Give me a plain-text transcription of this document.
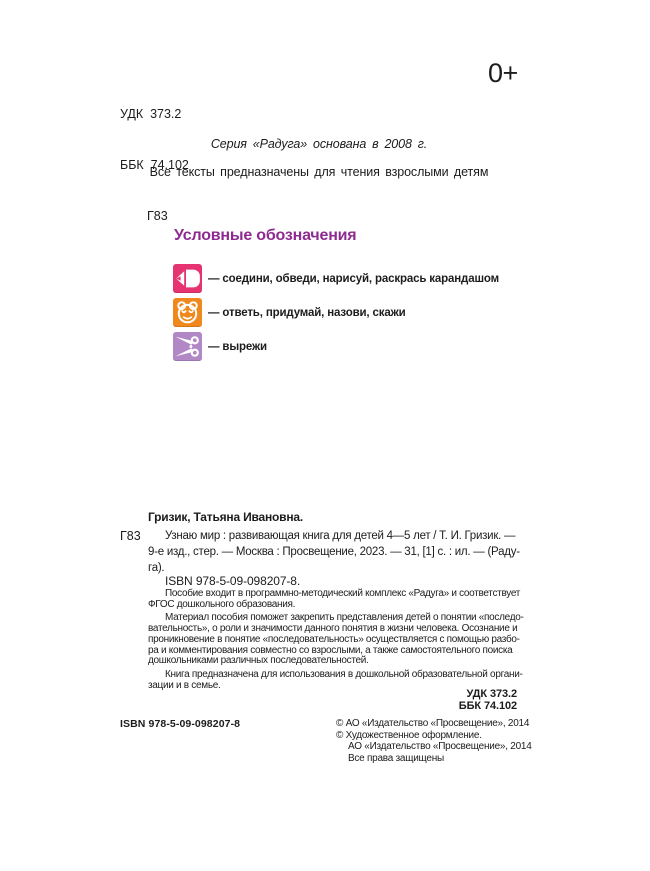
УДК  373.2

ББК  74.102

Г83

0+
Серия «Радуга» основана в 2008 г.
Все тексты предназначены для чтения взрослыми детям
Условные обозначения
— соедини, обведи, нарисуй, раскрась карандашом
— ответь, придумай, назови, скажи
— вырежи
Гризик, Татьяна Ивановна.
Г83	Узнаю мир : развивающая книга для детей 4—5 лет / Т. И. Гризик. —
9-е изд., стер. — Москва : Просвещение, 2023. — 31, [1] с. : ил. — (Раду-
га).
ISBN 978-5-09-098207-8.
Пособие входит в программно-методический комплекс «Радуга» и соответствует
ФГОС дошкольного образования.
Материал пособия поможет закрепить представления детей о понятии «последо-
вательность», о роли и значимости данного понятия в жизни человека. Осознание и
проникновение в понятие «последовательность» осуществляется с помощью разбо-
ра и комментирования совместно со взрослыми, а также самостоятельного поиска
дошкольниками различных последовательностей.
Книга предназначена для использования в дошкольной образовательной органи-
зации и в семье.
УДК 373.2
ББК 74.102
ISBN 978-5-09-098207-8	© АО «Издательство «Просвещение», 2014
© Художественное оформление.
АО «Издательство «Просвещение», 2014
Все права защищены
